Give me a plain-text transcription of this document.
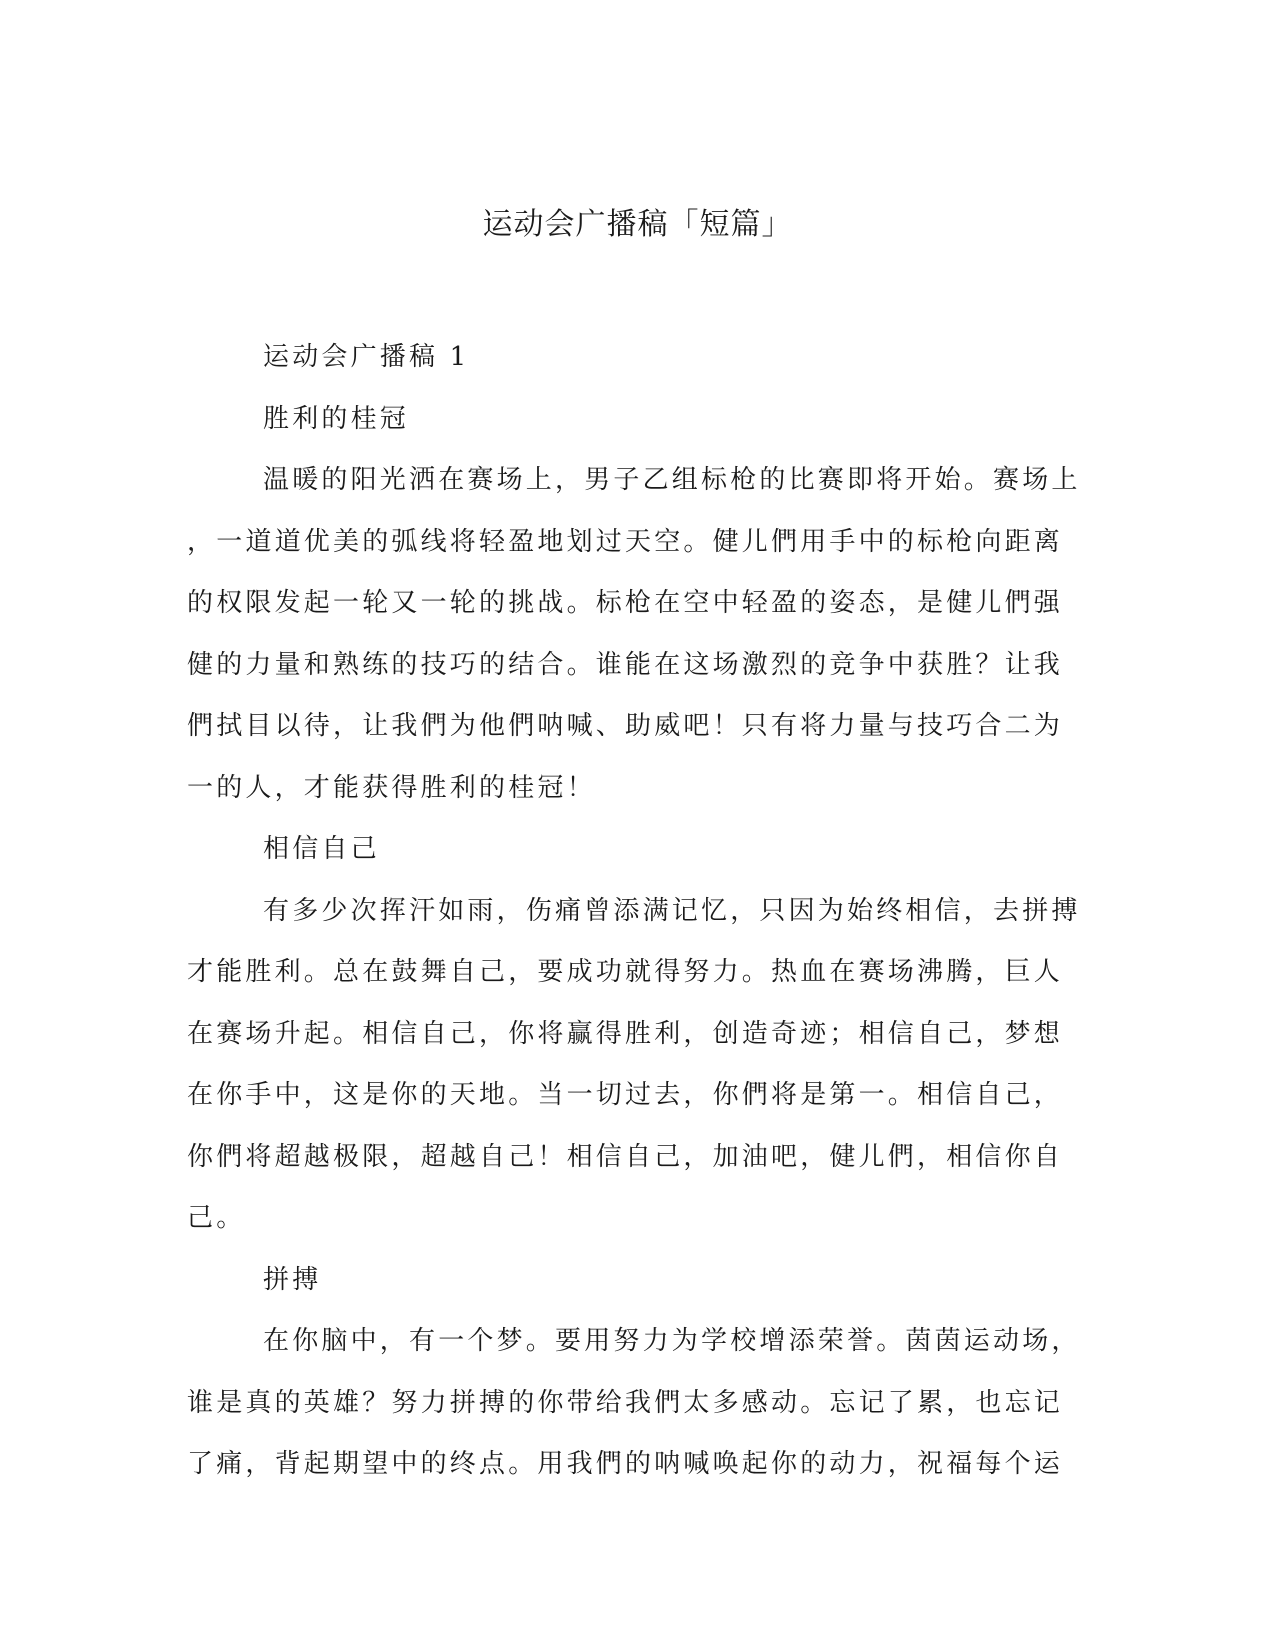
运动会广播稿「短篇」

运动会广播稿 1

胜利的桂冠

温暖的阳光洒在赛场上，男子乙组标枪的比赛即将开始。赛场上
，一道道优美的弧线将轻盈地划过天空。健儿們用手中的标枪向距离
的权限发起一轮又一轮的挑战。标枪在空中轻盈的姿态，是健儿們强
健的力量和熟练的技巧的结合。谁能在这场激烈的竞争中获胜？让我
們拭目以待，让我們为他們呐喊、助威吧！只有将力量与技巧合二为
一的人，才能获得胜利的桂冠！

相信自己

有多少次挥汗如雨，伤痛曾添满记忆，只因为始终相信，去拼搏
才能胜利。总在鼓舞自己，要成功就得努力。热血在赛场沸腾，巨人
在赛场升起。相信自己，你将赢得胜利，创造奇迹；相信自己，梦想
在你手中，这是你的天地。当一切过去，你們将是第一。相信自己，
你們将超越极限，超越自己！相信自己，加油吧，健儿們，相信你自
己。

拼搏

在你脑中，有一个梦。要用努力为学校增添荣誉。茵茵运动场，
谁是真的英雄？努力拼搏的你带给我們太多感动。忘记了累，也忘记
了痛，背起期望中的终点。用我們的呐喊唤起你的动力，祝福每个运
